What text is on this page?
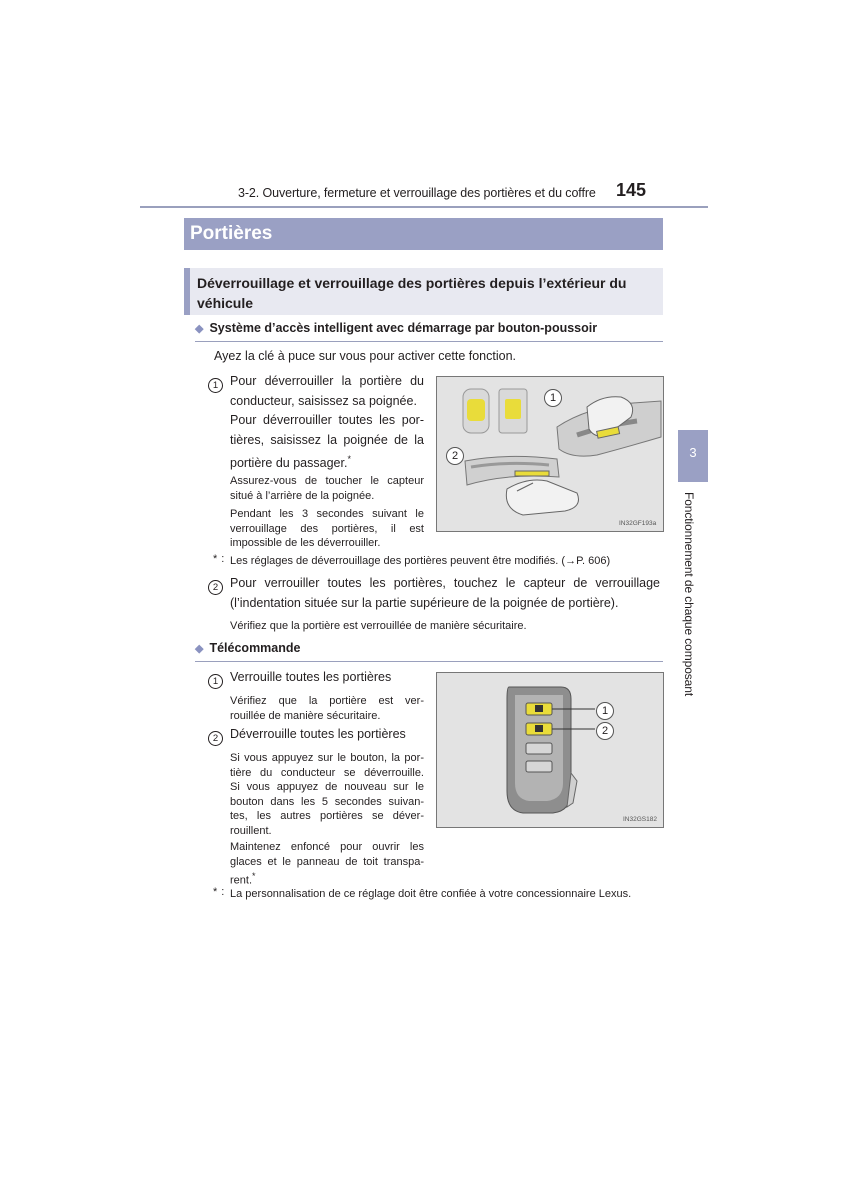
3-2. Ouverture, fermeture et verrouillage des portières et du coffre 145
3
Fonctionnement de chaque composant
Portières
Déverrouillage et verrouillage des portières depuis l’extérieur du véhicule
◆ Système d’accès intelligent avec démarrage par bouton-poussoir
Ayez la clé à puce sur vous pour activer cette fonction.
1 Pour déverrouiller la portière du
conducteur, saisissez sa poignée.
Pour déverrouiller toutes les por-
tières, saisissez la poignée de la
portière du passager.*
Assurez-vous de toucher le capteur
situé à l’arrière de la poignée.
Pendant les 3 secondes suivant le
verrouillage des portières, il est
impossible de les déverrouiller.
1
2
IN32GF193a
* : Les réglages de déverrouillage des portières peuvent être modifiés. (→P. 606)
2 Pour verrouiller toutes les portières, touchez le capteur de verrouillage
(l’indentation située sur la partie supérieure de la poignée de portière).
Vérifiez que la portière est verrouillée de manière sécuritaire.
◆ Télécommande
1 Verrouille toutes les portières
Vérifiez que la portière est ver-
rouillée de manière sécuritaire.
2 Déverrouille toutes les portières
Si vous appuyez sur le bouton, la por-
tière du conducteur se déverrouille.
Si vous appuyez de nouveau sur le
bouton dans les 5 secondes suivan-
tes, les autres portières se déver-
rouillent.
Maintenez enfoncé pour ouvrir les
glaces et le panneau de toit transpa-
rent.*
1
2
IN32GS182
* : La personnalisation de ce réglage doit être confiée à votre concessionnaire Lexus.
